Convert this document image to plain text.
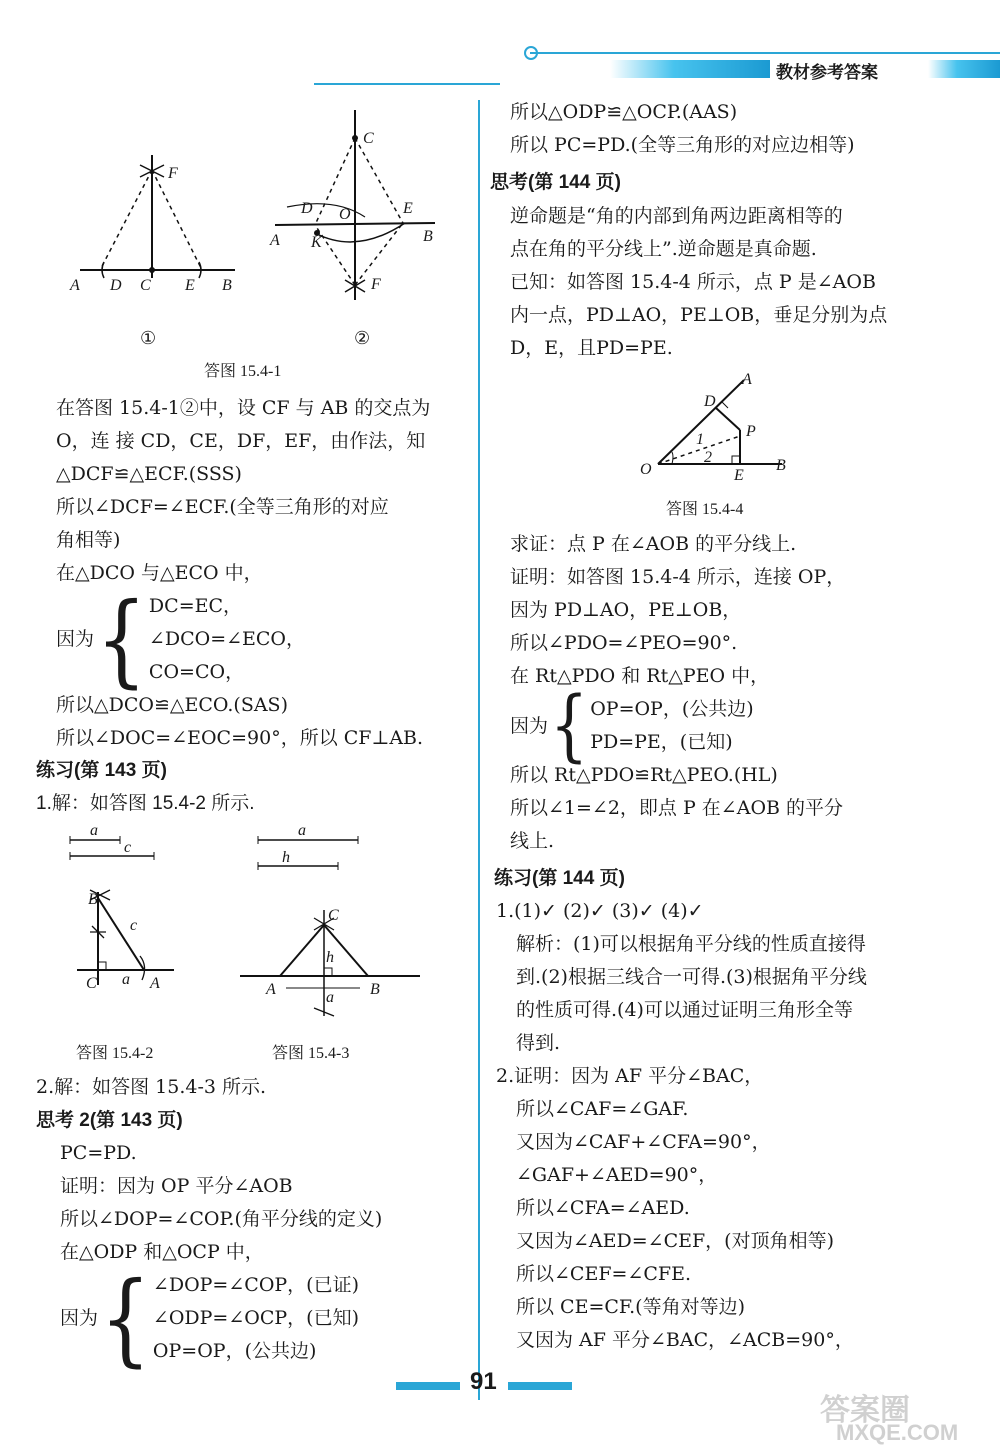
教材参考答案
F
A D C E B
①
C
D O	E
A K	B
F
②
答图 15.4-1

在答图 15.4-1②中，设 CF 与 AB 的交点为

O，连 接 CD，CE，DF，EF，由作法，知

△DCF≌△ECF.(SSS)

所以∠DCF=∠ECF.(全等三角形的对应

角相等)

在△DCO 与△ECO 中，

因为 { DC=EC，

∠DCO=∠ECO，

CO=CO，

所以△DCO≌△ECO.(SAS)

所以∠DOC=∠EOC=90°，所以 CF⊥AB.

练习(第 143 页)

1.解：如答图 15.4-2 所示.

a
c
B
c
C a A
答图 15.4-2
a
h
C
h
A	a B
答图 15.4-3

2.解：如答图 15.4-3 所示.

思考 2(第 143 页)

PC=PD.

证明：因为 OP 平分∠AOB

所以∠DOP=∠COP.(角平分线的定义)

在△ODP 和△OCP 中，

因为 { ∠DOP=∠COP，(已证)

∠ODP=∠OCP，(已知)

OP=OP，(公共边)

所以△ODP≌△OCP.(AAS)

所以 PC=PD.(全等三角形的对应边相等)

思考(第 144 页)

逆命题是“角的内部到角两边距离相等的

点在角的平分线上”.逆命题是真命题.

已知：如答图 15.4-4 所示，点 P 是∠AOB

内一点，PD⊥AO，PE⊥OB，垂足分别为点

D，E，且PD=PE.

A
D
P
1
2
O	E
B
答图 15.4-4

求证：点 P 在∠AOB 的平分线上.

证明：如答图 15.4-4 所示，连接 OP，

因为 PD⊥AO，PE⊥OB，

所以∠PDO=∠PEO=90°.

在 Rt△PDO 和 Rt△PEO 中，

因为 { OP=OP，(公共边)

PD=PE，(已知)

所以 Rt△PDO≌Rt△PEO.(HL)

所以∠1=∠2，即点 P 在∠AOB 的平分

线上.

练习(第 144 页)

1.(1)✓ (2)✓ (3)✓ (4)✓

解析：(1)可以根据角平分线的性质直接得

到.(2)根据三线合一可得.(3)根据角平分线

的性质可得.(4)可以通过证明三角形全等

得到.

2.证明：因为 AF 平分∠BAC，

所以∠CAF=∠GAF.

又因为∠CAF+∠CFA=90°，

∠GAF+∠AED=90°，

所以∠CFA=∠AED.

又因为∠AED=∠CEF，(对顶角相等)

所以∠CEF=∠CFE.

所以 CE=CF.(等角对等边)

又因为 AF 平分∠BAC，∠ACB=90°，

91
答案圈
MXQE.COM
